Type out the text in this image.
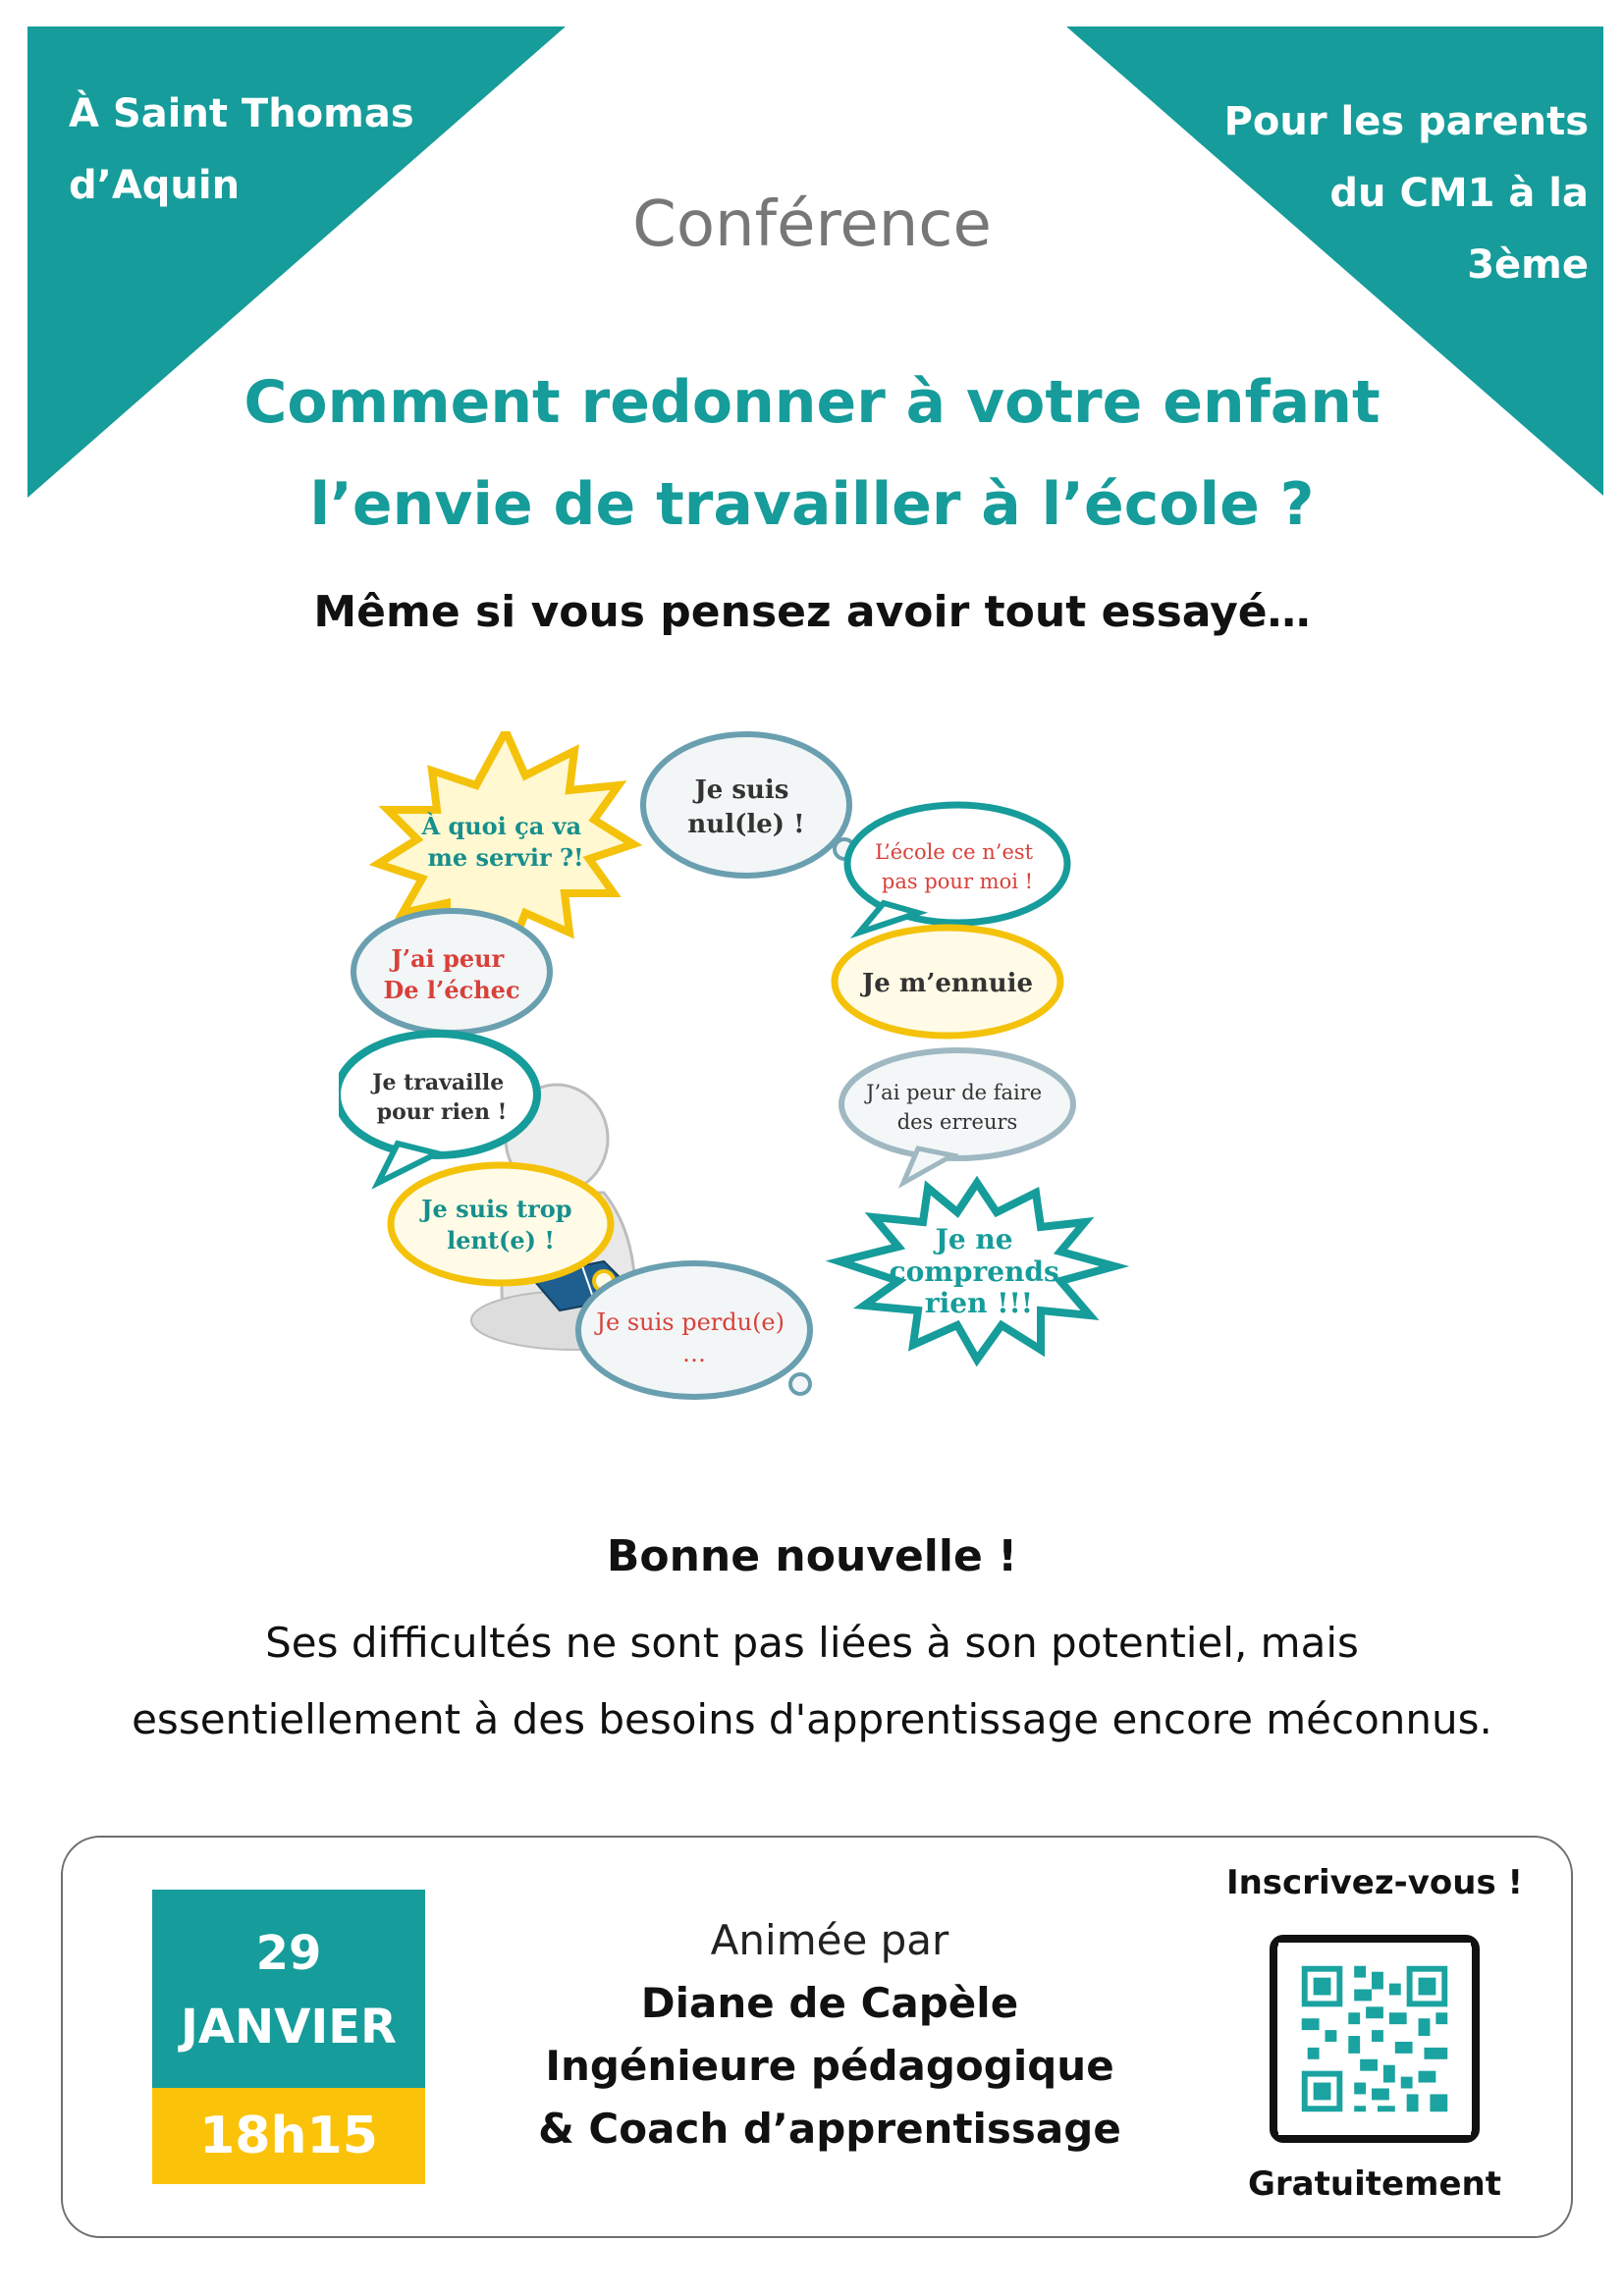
À Saint Thomas
d’Aquin
Pour les parents
du CM1 à la
3ème
Conférence
Comment redonner à votre enfant
l’envie de travailler à l’école ?
Même si vous pensez avoir tout essayé…
À quoi ça va me servir ?!
Je suis nul(le) !
L’école ce n’est pas pour moi !
J’ai peur De l’échec	Je m’ennuie
Je travaille pour rien !
J’ai peur de faire des erreurs
Je suis trop lent(e) !	Je ne comprends rien !!!
Je suis perdu(e) …
Bonne nouvelle !
Ses difficultés ne sont pas liées à son potentiel, mais
essentiellement à des besoins d'apprentissage encore méconnus.
29
JANVIER
18h15
Animée par
Diane de Capèle
Ingénieure pédagogique
& Coach d’apprentissage
Inscrivez-vous !
Gratuitement
